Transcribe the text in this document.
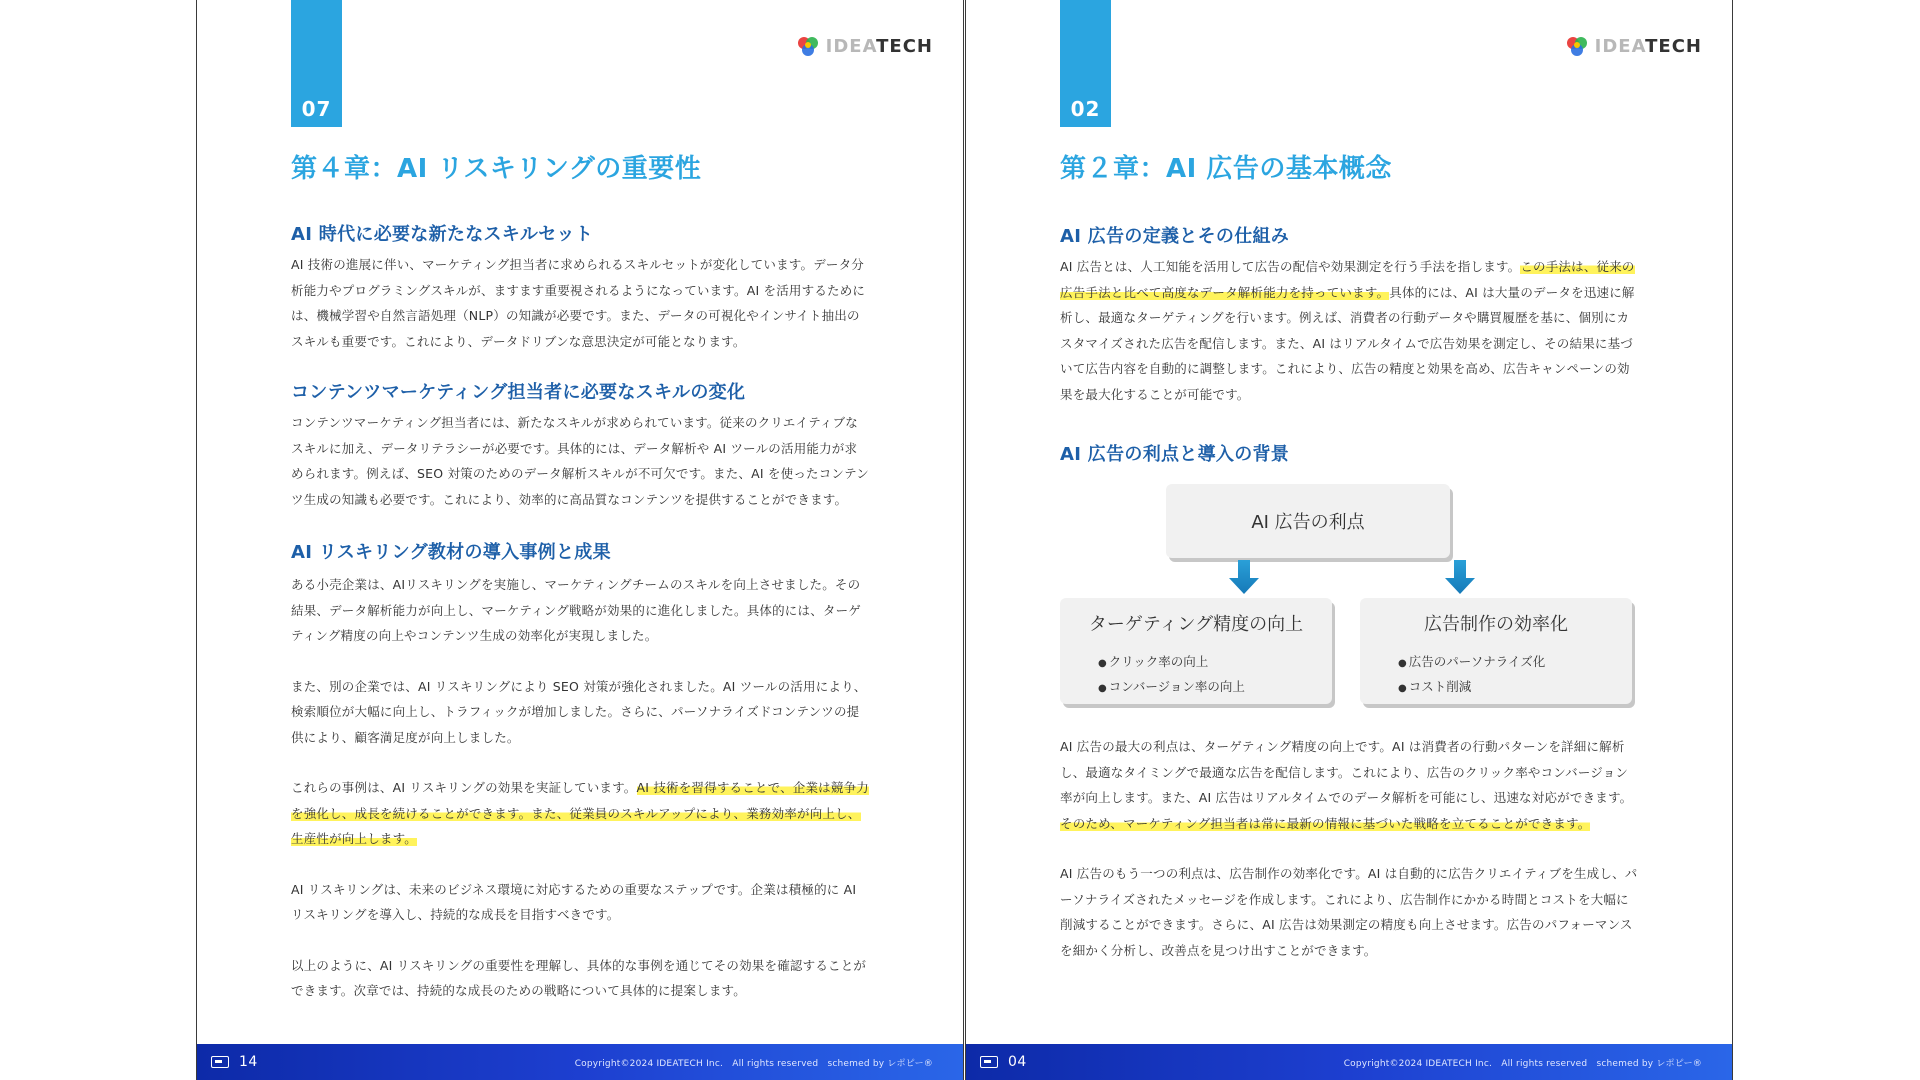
07
IDEATECH
第４章：AI リスキリングの重要性
AI 時代に必要な新たなスキルセット

AI 技術の進展に伴い、マーケティング担当者に求められるスキルセットが変化しています。データ分析能力やプログラミングスキルが、ますます重要視されるようになっています。AI を活用するためには、機械学習や自然言語処理（NLP）の知識が必要です。また、データの可視化やインサイト抽出のスキルも重要です。これにより、データドリブンな意思決定が可能となります。

コンテンツマーケティング担当者に必要なスキルの変化

コンテンツマーケティング担当者には、新たなスキルが求められています。従来のクリエイティブなスキルに加え、データリテラシーが必要です。具体的には、データ解析や AI ツールの活用能力が求められます。例えば、SEO 対策のためのデータ解析スキルが不可欠です。また、AI を使ったコンテンツ生成の知識も必要です。これにより、効率的に高品質なコンテンツを提供することができます。

AI リスキリング教材の導入事例と成果

ある小売企業は、AIリスキリングを実施し、マーケティングチームのスキルを向上させました。その結果、データ解析能力が向上し、マーケティング戦略が効果的に進化しました。具体的には、ターゲティング精度の向上やコンテンツ生成の効率化が実現しました。

また、別の企業では、AI リスキリングにより SEO 対策が強化されました。AI ツールの活用により、検索順位が大幅に向上し、トラフィックが増加しました。さらに、パーソナライズドコンテンツの提供により、顧客満足度が向上しました。

これらの事例は、AI リスキリングの効果を実証しています。AI 技術を習得することで、企業は競争力を強化し、成長を続けることができます。また、従業員のスキルアップにより、業務効率が向上し、生産性が向上します。

AI リスキリングは、未来のビジネス環境に対応するための重要なステップです。企業は積極的に AI リスキリングを導入し、持続的な成長を目指すべきです。

以上のように、AI リスキリングの重要性を理解し、具体的な事例を通じてその効果を確認することができます。次章では、持続的な成長のための戦略について具体的に提案します。

14	Copyright©2024 IDEATECH Inc.　All rights reserved　schemed by レポピー®
02
IDEATECH
第２章：AI 広告の基本概念
AI 広告の定義とその仕組み

AI 広告とは、人工知能を活用して広告の配信や効果測定を行う手法を指します。この手法は、従来の広告手法と比べて高度なデータ解析能力を持っています。具体的には、AI は大量のデータを迅速に解析し、最適なターゲティングを行います。例えば、消費者の行動データや購買履歴を基に、個別にカスタマイズされた広告を配信します。また、AI はリアルタイムで広告効果を測定し、その結果に基づいて広告内容を自動的に調整します。これにより、広告の精度と効果を高め、広告キャンペーンの効果を最大化することが可能です。

AI 広告の利点と導入の背景
AI 広告の利点
ターゲティング精度の向上
● クリック率の向上
● コンバージョン率の向上
広告制作の効率化
● 広告のパーソナライズ化
● コスト削減

AI 広告の最大の利点は、ターゲティング精度の向上です。AI は消費者の行動パターンを詳細に解析し、最適なタイミングで最適な広告を配信します。これにより、広告のクリック率やコンバージョン率が向上します。また、AI 広告はリアルタイムでのデータ解析を可能にし、迅速な対応ができます。そのため、マーケティング担当者は常に最新の情報に基づいた戦略を立てることができます。

AI 広告のもう一つの利点は、広告制作の効率化です。AI は自動的に広告クリエイティブを生成し、パーソナライズされたメッセージを作成します。これにより、広告制作にかかる時間とコストを大幅に削減することができます。さらに、AI 広告は効果測定の精度も向上させます。広告のパフォーマンスを細かく分析し、改善点を見つけ出すことができます。

04	Copyright©2024 IDEATECH Inc.　All rights reserved　schemed by レポピー®
